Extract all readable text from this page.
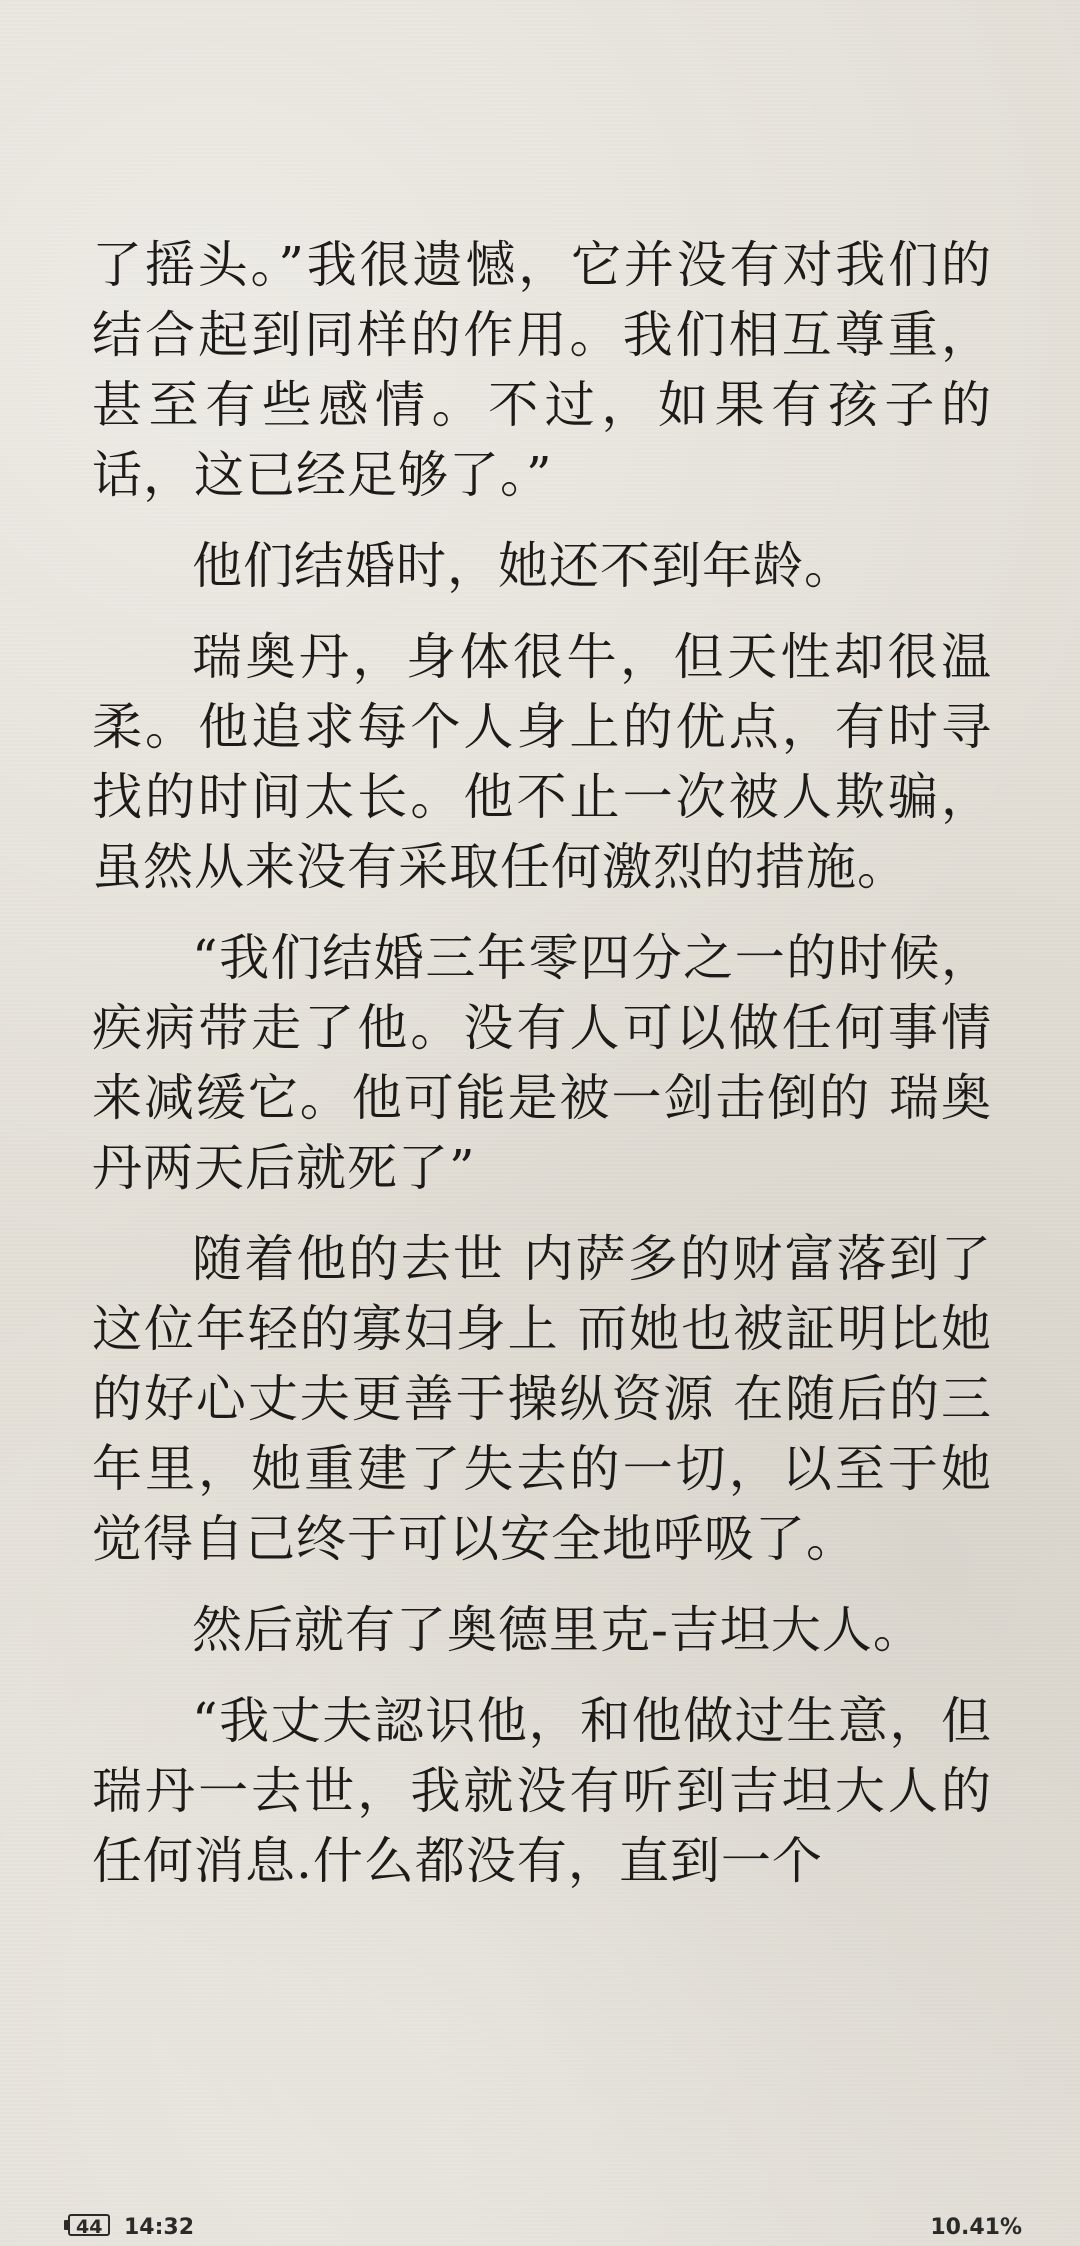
了摇头。”我很遗憾，它并没有对我们的结合起到同样的作用。我们相互尊重，甚至有些感情。不过，如果有孩子的话，这已经足够了。”

他们结婚时，她还不到年龄。

瑞奥丹，身体很牛，但天性却很温柔。他追求每个人身上的优点，有时寻找的时间太长。他不止一次被人欺骗，虽然从来没有采取任何激烈的措施。

“我们结婚三年零四分之一的时候，疾病带走了他。没有人可以做任何事情来减缓它。他可能是被一剑击倒的 瑞奥丹两天后就死了”

随着他的去世 内萨多的财富落到了这位年轻的寡妇身上 而她也被証明比她的好心丈夫更善于操纵资源 在随后的三年里，她重建了失去的一切，以至于她觉得自己终于可以安全地呼吸了。

然后就有了奥德里克-吉坦大人。

“我丈夫認识他，和他做过生意，但瑞丹一去世，我就没有听到吉坦大人的任何消息.什么都没有，直到一个

44 14:32	10.41%
